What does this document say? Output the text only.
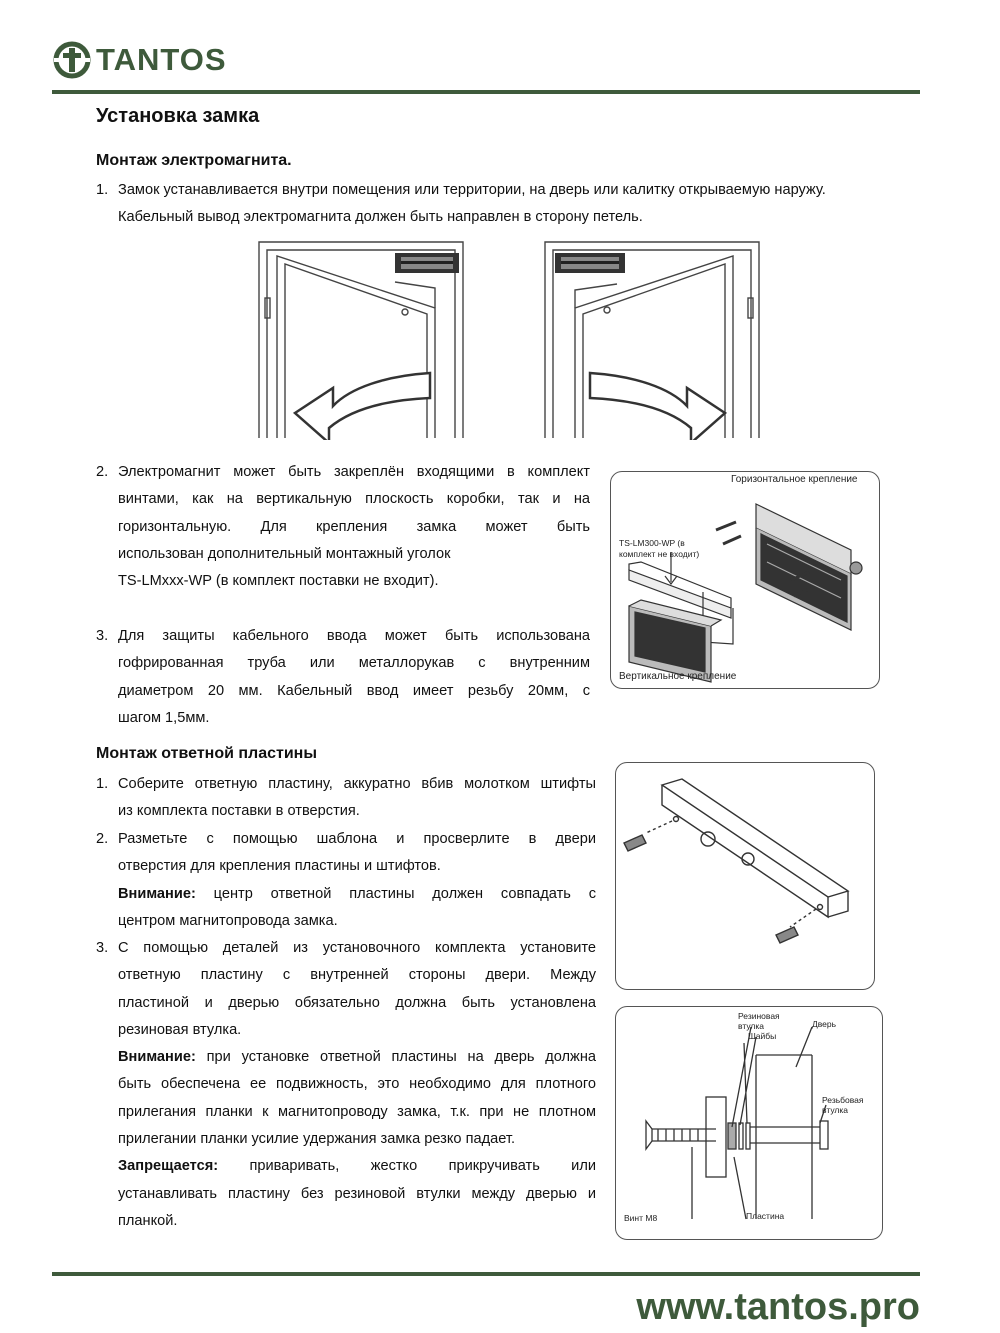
TANTOS
Установка замка
Монтаж электромагнита.
1. Замок устанавливается внутри помещения или территории, на дверь или калитку открываемую наружу.
Кабельный вывод электромагнита должен быть направлен в сторону петель.
2. Электромагнит может быть закреплён входящими в комплект
винтами, как на вертикальную плоскость коробки, так и на
горизонтальную. Для крепления замка может быть
использован дополнительный монтажный уголок
TS-LMxxx-WP (в комплект поставки не входит).
3. Для защиты кабельного ввода может быть использована
гофрированная труба или металлорукав с внутренним
диаметром 20 мм. Кабельный ввод имеет резьбу 20мм, с
шагом 1,5мм.
Горизонтальное крепление
TS-LM300-WP (в
комплект не входит)
Вертикальное крепление
Монтаж ответной пластины
1. Соберите ответную пластину, аккуратно вбив молотком штифты
из комплекта поставки в отверстия.
2. Разметьте с помощью шаблона и просверлите в двери
отверстия для крепления пластины и штифтов.
Внимание: центр ответной пластины должен совпадать с
центром магнитопровода замка.
3. С помощью деталей из установочного комплекта установите
ответную пластину с внутренней стороны двери. Между
пластиной и дверью обязательно должна быть установлена
резиновая втулка.
Внимание: при установке ответной пластины на дверь должна
быть обеспечена ее подвижность, это необходимо для плотного
прилегания планки к магнитопроводу замка, т.к. при не плотном
прилегании планки усилие удержания замка резко падает.
Запрещается: приваривать, жестко прикручивать или
устанавливать пластину без резиновой втулки между дверью и
планкой.
Резиновая
втулка
Шайбы
Дверь
Резьбовая
втулка
Винт М8	Пластина
www.tantos.pro
